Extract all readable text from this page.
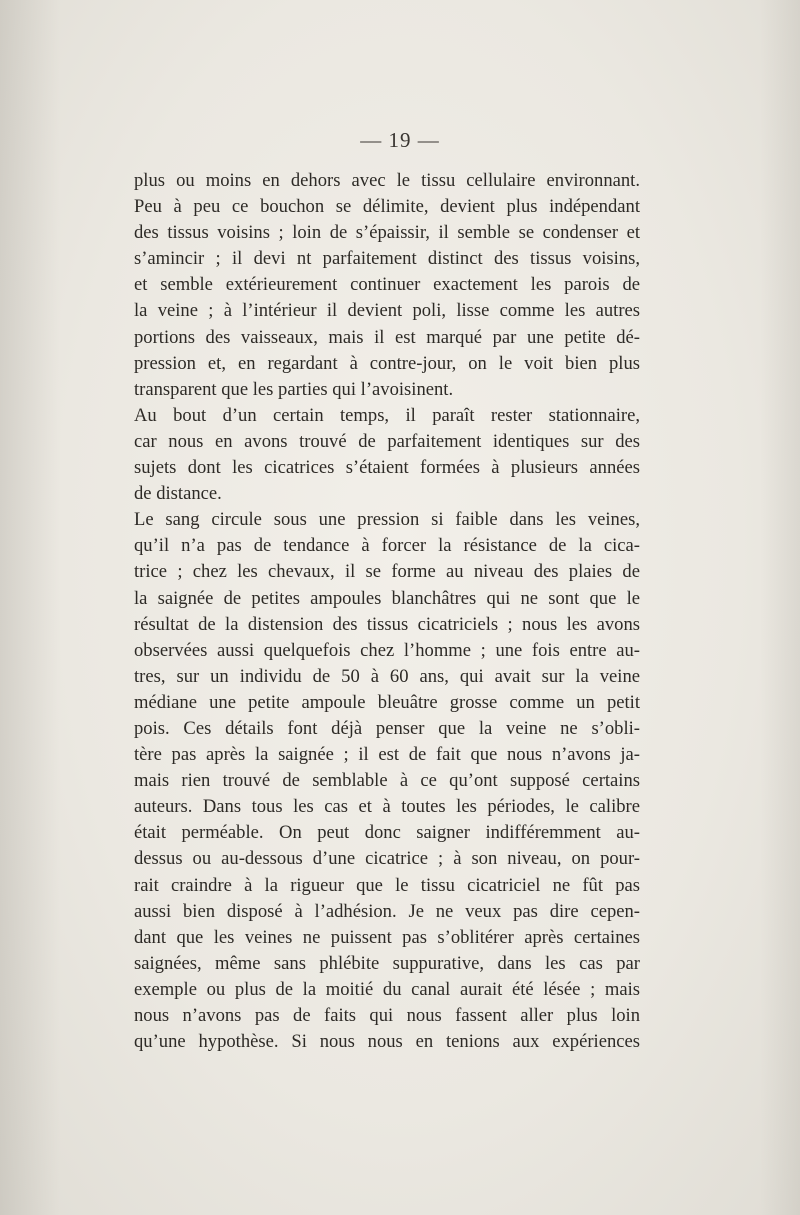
— 19 —
plus ou moins en dehors avec le tissu cellulaire environnant.
Peu à peu ce bouchon se délimite, devient plus indépendant
des tissus voisins ; loin de s’épaissir, il semble se condenser et
s’amincir ; il devi nt parfaitement distinct des tissus voisins,
et semble extérieurement continuer exactement les parois de
la veine ; à l’intérieur il devient poli, lisse comme les autres
portions des vaisseaux, mais il est marqué par une petite dé-
pression et, en regardant à contre-jour, on le voit bien plus
transparent que les parties qui l’avoisinent.
Au bout d’un certain temps, il paraît rester stationnaire,
car nous en avons trouvé de parfaitement identiques sur des
sujets dont les cicatrices s’étaient formées à plusieurs années
de distance.
Le sang circule sous une pression si faible dans les veines,
qu’il n’a pas de tendance à forcer la résistance de la cica-
trice ; chez les chevaux, il se forme au niveau des plaies de
la saignée de petites ampoules blanchâtres qui ne sont que le
résultat de la distension des tissus cicatriciels ; nous les avons
observées aussi quelquefois chez l’homme ; une fois entre au-
tres, sur un individu de 50 à 60 ans, qui avait sur la veine
médiane une petite ampoule bleuâtre grosse comme un petit
pois. Ces détails font déjà penser que la veine ne s’obli-
tère pas après la saignée ; il est de fait que nous n’avons ja-
mais rien trouvé de semblable à ce qu’ont supposé certains
auteurs. Dans tous les cas et à toutes les périodes, le calibre
était perméable. On peut donc saigner indifféremment au-
dessus ou au-dessous d’une cicatrice ; à son niveau, on pour-
rait craindre à la rigueur que le tissu cicatriciel ne fût pas
aussi bien disposé à l’adhésion. Je ne veux pas dire cepen-
dant que les veines ne puissent pas s’oblitérer après certaines
saignées, même sans phlébite suppurative, dans les cas par
exemple ou plus de la moitié du canal aurait été lésée ; mais
nous n’avons pas de faits qui nous fassent aller plus loin
qu’une hypothèse. Si nous nous en tenions aux expériences
